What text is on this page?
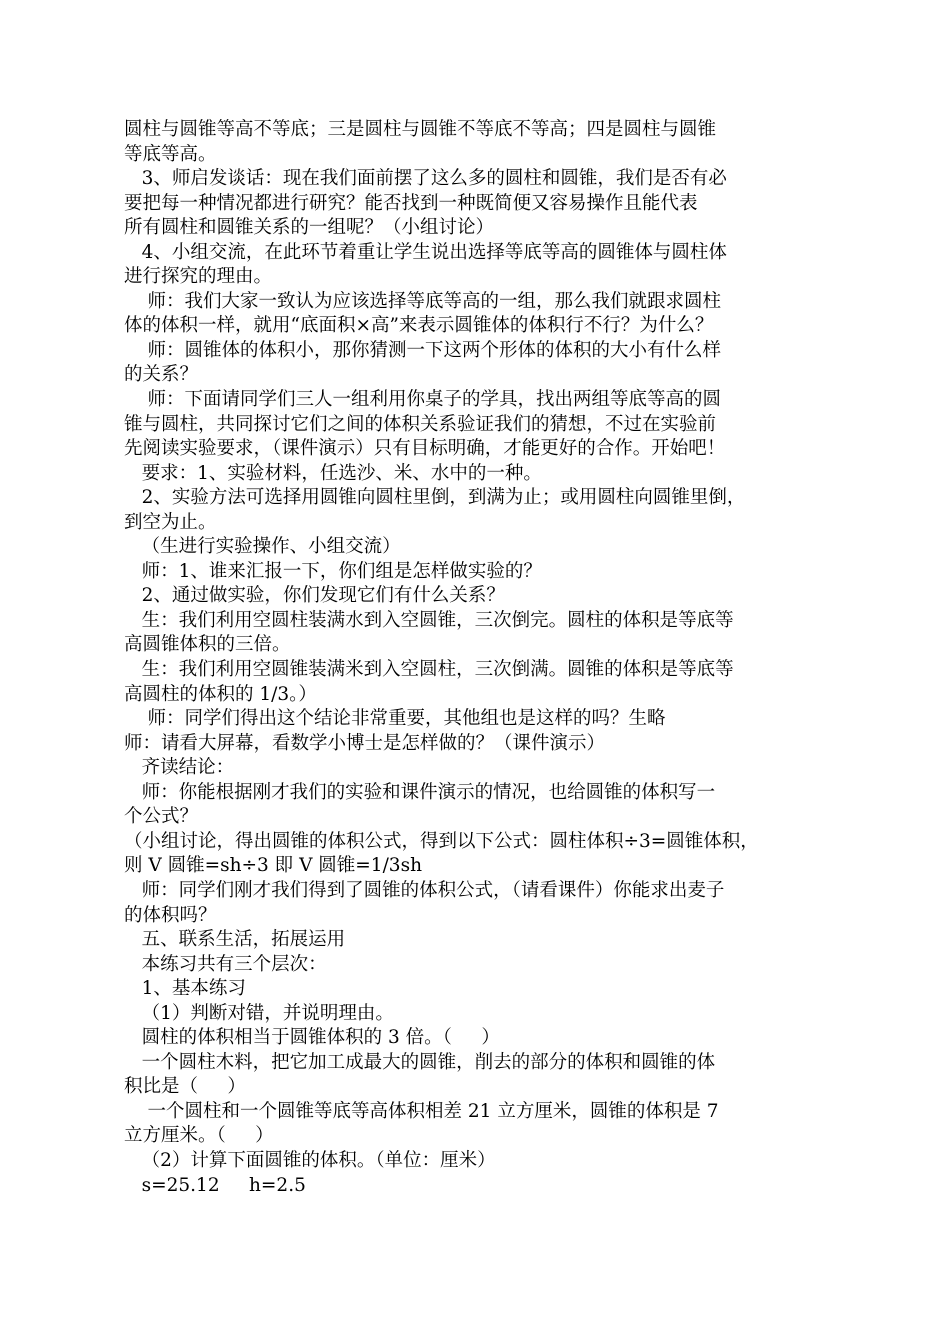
圆柱与圆锥等高不等底；三是圆柱与圆锥不等底不等高；四是圆柱与圆锥
等底等高。
3、师启发谈话：现在我们面前摆了这么多的圆柱和圆锥，我们是否有必
要把每一种情况都进行研究？能否找到一种既简便又容易操作且能代表
所有圆柱和圆锥关系的一组呢？（小组讨论）
4、小组交流，在此环节着重让学生说出选择等底等高的圆锥体与圆柱体
进行探究的理由。
师：我们大家一致认为应该选择等底等高的一组，那么我们就跟求圆柱
体的体积一样，就用“底面积×高”来表示圆锥体的体积行不行？为什么？
师：圆锥体的体积小，那你猜测一下这两个形体的体积的大小有什么样
的关系？
师：下面请同学们三人一组利用你桌子的学具，找出两组等底等高的圆
锥与圆柱，共同探讨它们之间的体积关系验证我们的猜想，不过在实验前
先阅读实验要求，（课件演示）只有目标明确，才能更好的合作。开始吧！
要求：1、实验材料，任选沙、米、水中的一种。
2、实验方法可选择用圆锥向圆柱里倒，到满为止；或用圆柱向圆锥里倒，
到空为止。
（生进行实验操作、小组交流）
师：1、谁来汇报一下，你们组是怎样做实验的？
2、通过做实验，你们发现它们有什么关系？
生：我们利用空圆柱装满水到入空圆锥，三次倒完。圆柱的体积是等底等
高圆锥体积的三倍。
生：我们利用空圆锥装满米到入空圆柱，三次倒满。圆锥的体积是等底等
高圆柱的体积的 1/3。）
师：同学们得出这个结论非常重要，其他组也是这样的吗？生略
师：请看大屏幕，看数学小博士是怎样做的？（课件演示）
齐读结论：
师：你能根据刚才我们的实验和课件演示的情况，也给圆锥的体积写一
个公式？
（小组讨论，得出圆锥的体积公式，得到以下公式：圆柱体积÷3=圆锥体积，
则 V 圆锥=sh÷3 即 V 圆锥=1/3sh
师：同学们刚才我们得到了圆锥的体积公式，（请看课件）你能求出麦子
的体积吗？
五、联系生活，拓展运用
本练习共有三个层次：
1、基本练习
（1）判断对错，并说明理由。
圆柱的体积相当于圆锥体积的 3 倍。（     ）
一个圆柱木料，把它加工成最大的圆锥，削去的部分的体积和圆锥的体
积比是（     ）
一个圆柱和一个圆锥等底等高体积相差 21 立方厘米，圆锥的体积是 7
立方厘米。（     ）
（2）计算下面圆锥的体积。（单位：厘米）
s=25.12     h=2.5
